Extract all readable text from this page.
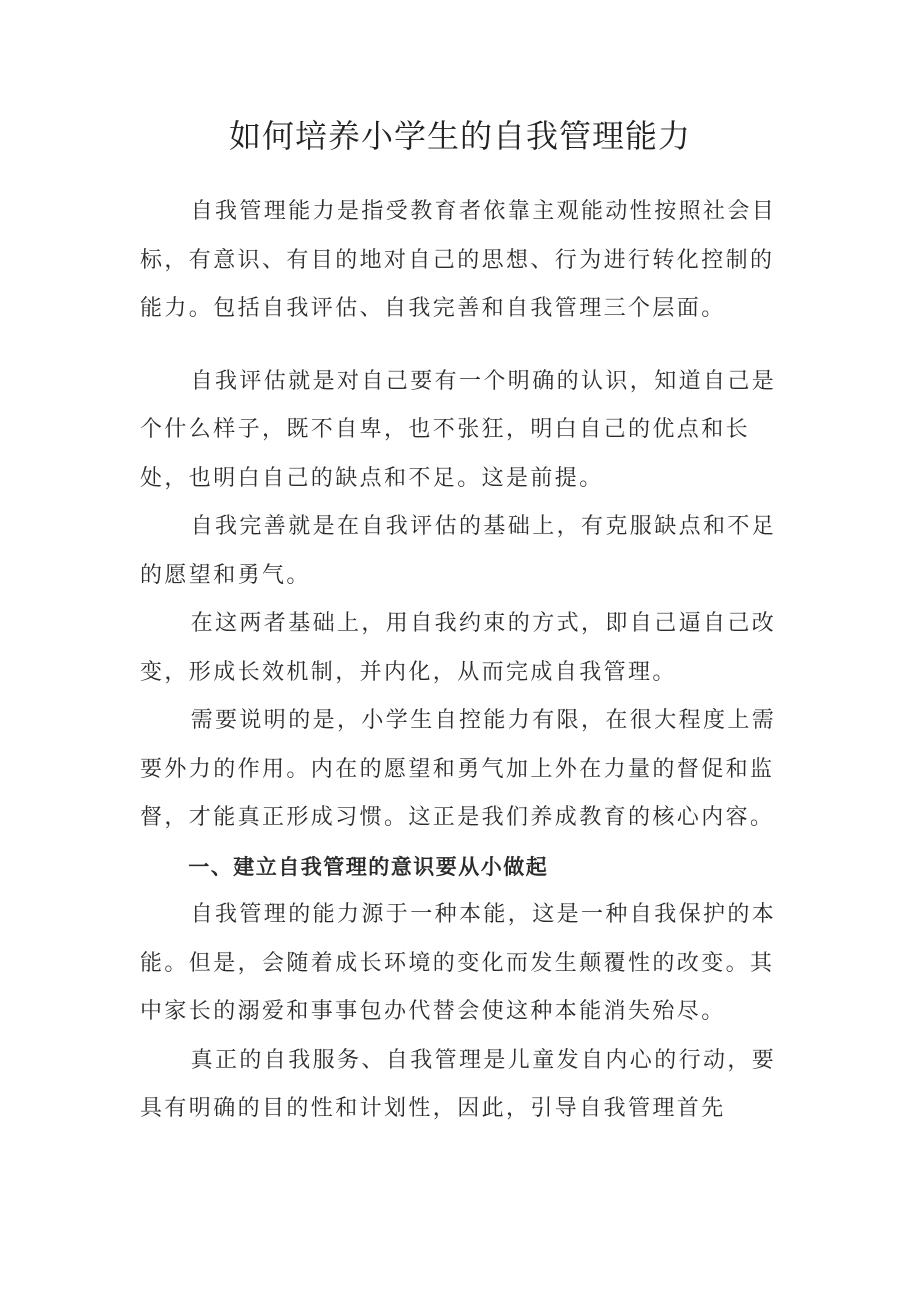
如何培养小学生的自我管理能力

自我管理能力是指受教育者依靠主观能动性按照社会目标，有意识、有目的地对自己的思想、行为进行转化控制的能力。包括自我评估、自我完善和自我管理三个层面。

自我评估就是对自己要有一个明确的认识，知道自己是个什么样子，既不自卑，也不张狂，明白自己的优点和长处，也明白自己的缺点和不足。这是前提。

自我完善就是在自我评估的基础上，有克服缺点和不足的愿望和勇气。

在这两者基础上，用自我约束的方式，即自己逼自己改变，形成长效机制，并内化，从而完成自我管理。

需要说明的是，小学生自控能力有限，在很大程度上需要外力的作用。内在的愿望和勇气加上外在力量的督促和监督，才能真正形成习惯。这正是我们养成教育的核心内容。

一、建立自我管理的意识要从小做起

自我管理的能力源于一种本能，这是一种自我保护的本能。但是，会随着成长环境的变化而发生颠覆性的改变。其中家长的溺爱和事事包办代替会使这种本能消失殆尽。

真正的自我服务、自我管理是儿童发自内心的行动，要具有明确的目的性和计划性，因此，引导自我管理首先
